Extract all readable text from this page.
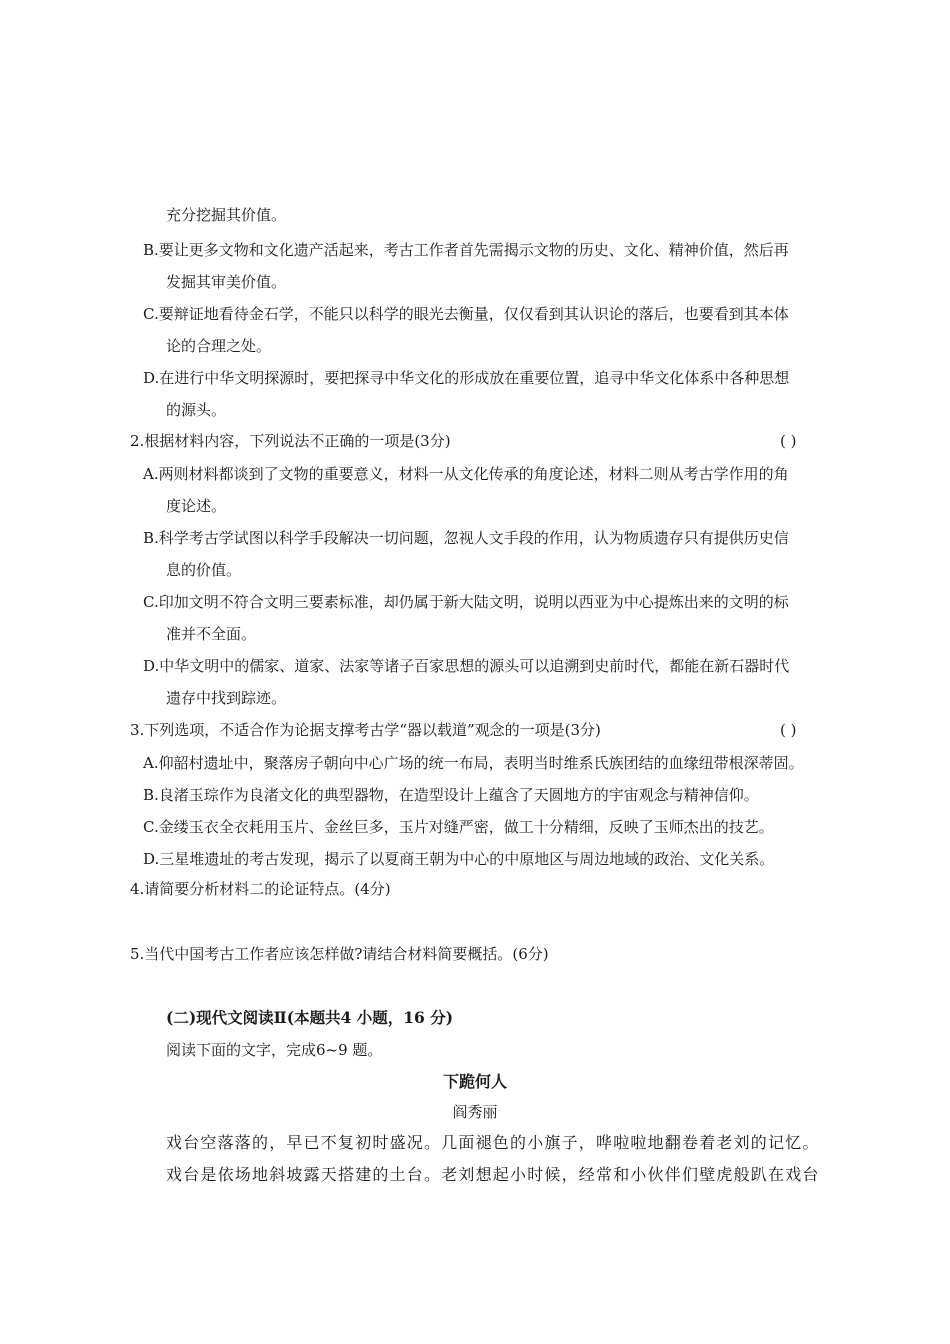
充分挖掘其价值。
B.要让更多文物和文化遗产活起来，考古工作者首先需揭示文物的历史、文化、精神价值，然后再
发掘其审美价值。
C.要辩证地看待金石学，不能只以科学的眼光去衡量，仅仅看到其认识论的落后，也要看到其本体
论的合理之处。
D.在进行中华文明探源时，要把探寻中华文化的形成放在重要位置，追寻中华文化体系中各种思想
的源头。
2.根据材料内容，下列说法不正确的一项是(3分)
A.两则材料都谈到了文物的重要意义，材料一从文化传承的角度论述，材料二则从考古学作用的角
度论述。
B.科学考古学试图以科学手段解决一切问题，忽视人文手段的作用，认为物质遗存只有提供历史信
息的价值。
C.印加文明不符合文明三要素标准，却仍属于新大陆文明，说明以西亚为中心提炼出来的文明的标
准并不全面。
D.中华文明中的儒家、道家、法家等诸子百家思想的源头可以追溯到史前时代，都能在新石器时代
遗存中找到踪迹。
3.下列选项，不适合作为论据支撑考古学“器以载道”观念的一项是(3分)
A.仰韶村遗址中，聚落房子朝向中心广场的统一布局，表明当时维系氏族团结的血缘纽带根深蒂固。
B.良渚玉琮作为良渚文化的典型器物，在造型设计上蕴含了天圆地方的宇宙观念与精神信仰。
C.金缕玉衣全衣耗用玉片、金丝巨多，玉片对缝严密，做工十分精细，反映了玉师杰出的技艺。
D.三星堆遗址的考古发现，揭示了以夏商王朝为中心的中原地区与周边地域的政治、文化关系。
4.请简要分析材料二的论证特点。(4分)
5.当代中国考古工作者应该怎样做?请结合材料简要概括。(6分)
(二)现代文阅读Ⅱ(本题共4 小题，16 分)
阅读下面的文字，完成6~9 题。
下跪何人
阎秀丽
戏台空落落的，早已不复初时盛况。几面褪色的小旗子，哗啦啦地翻卷着老刘的记忆。
戏台是依场地斜坡露天搭建的土台。老刘想起小时候，经常和小伙伴们壁虎般趴在戏台
( )
( )
